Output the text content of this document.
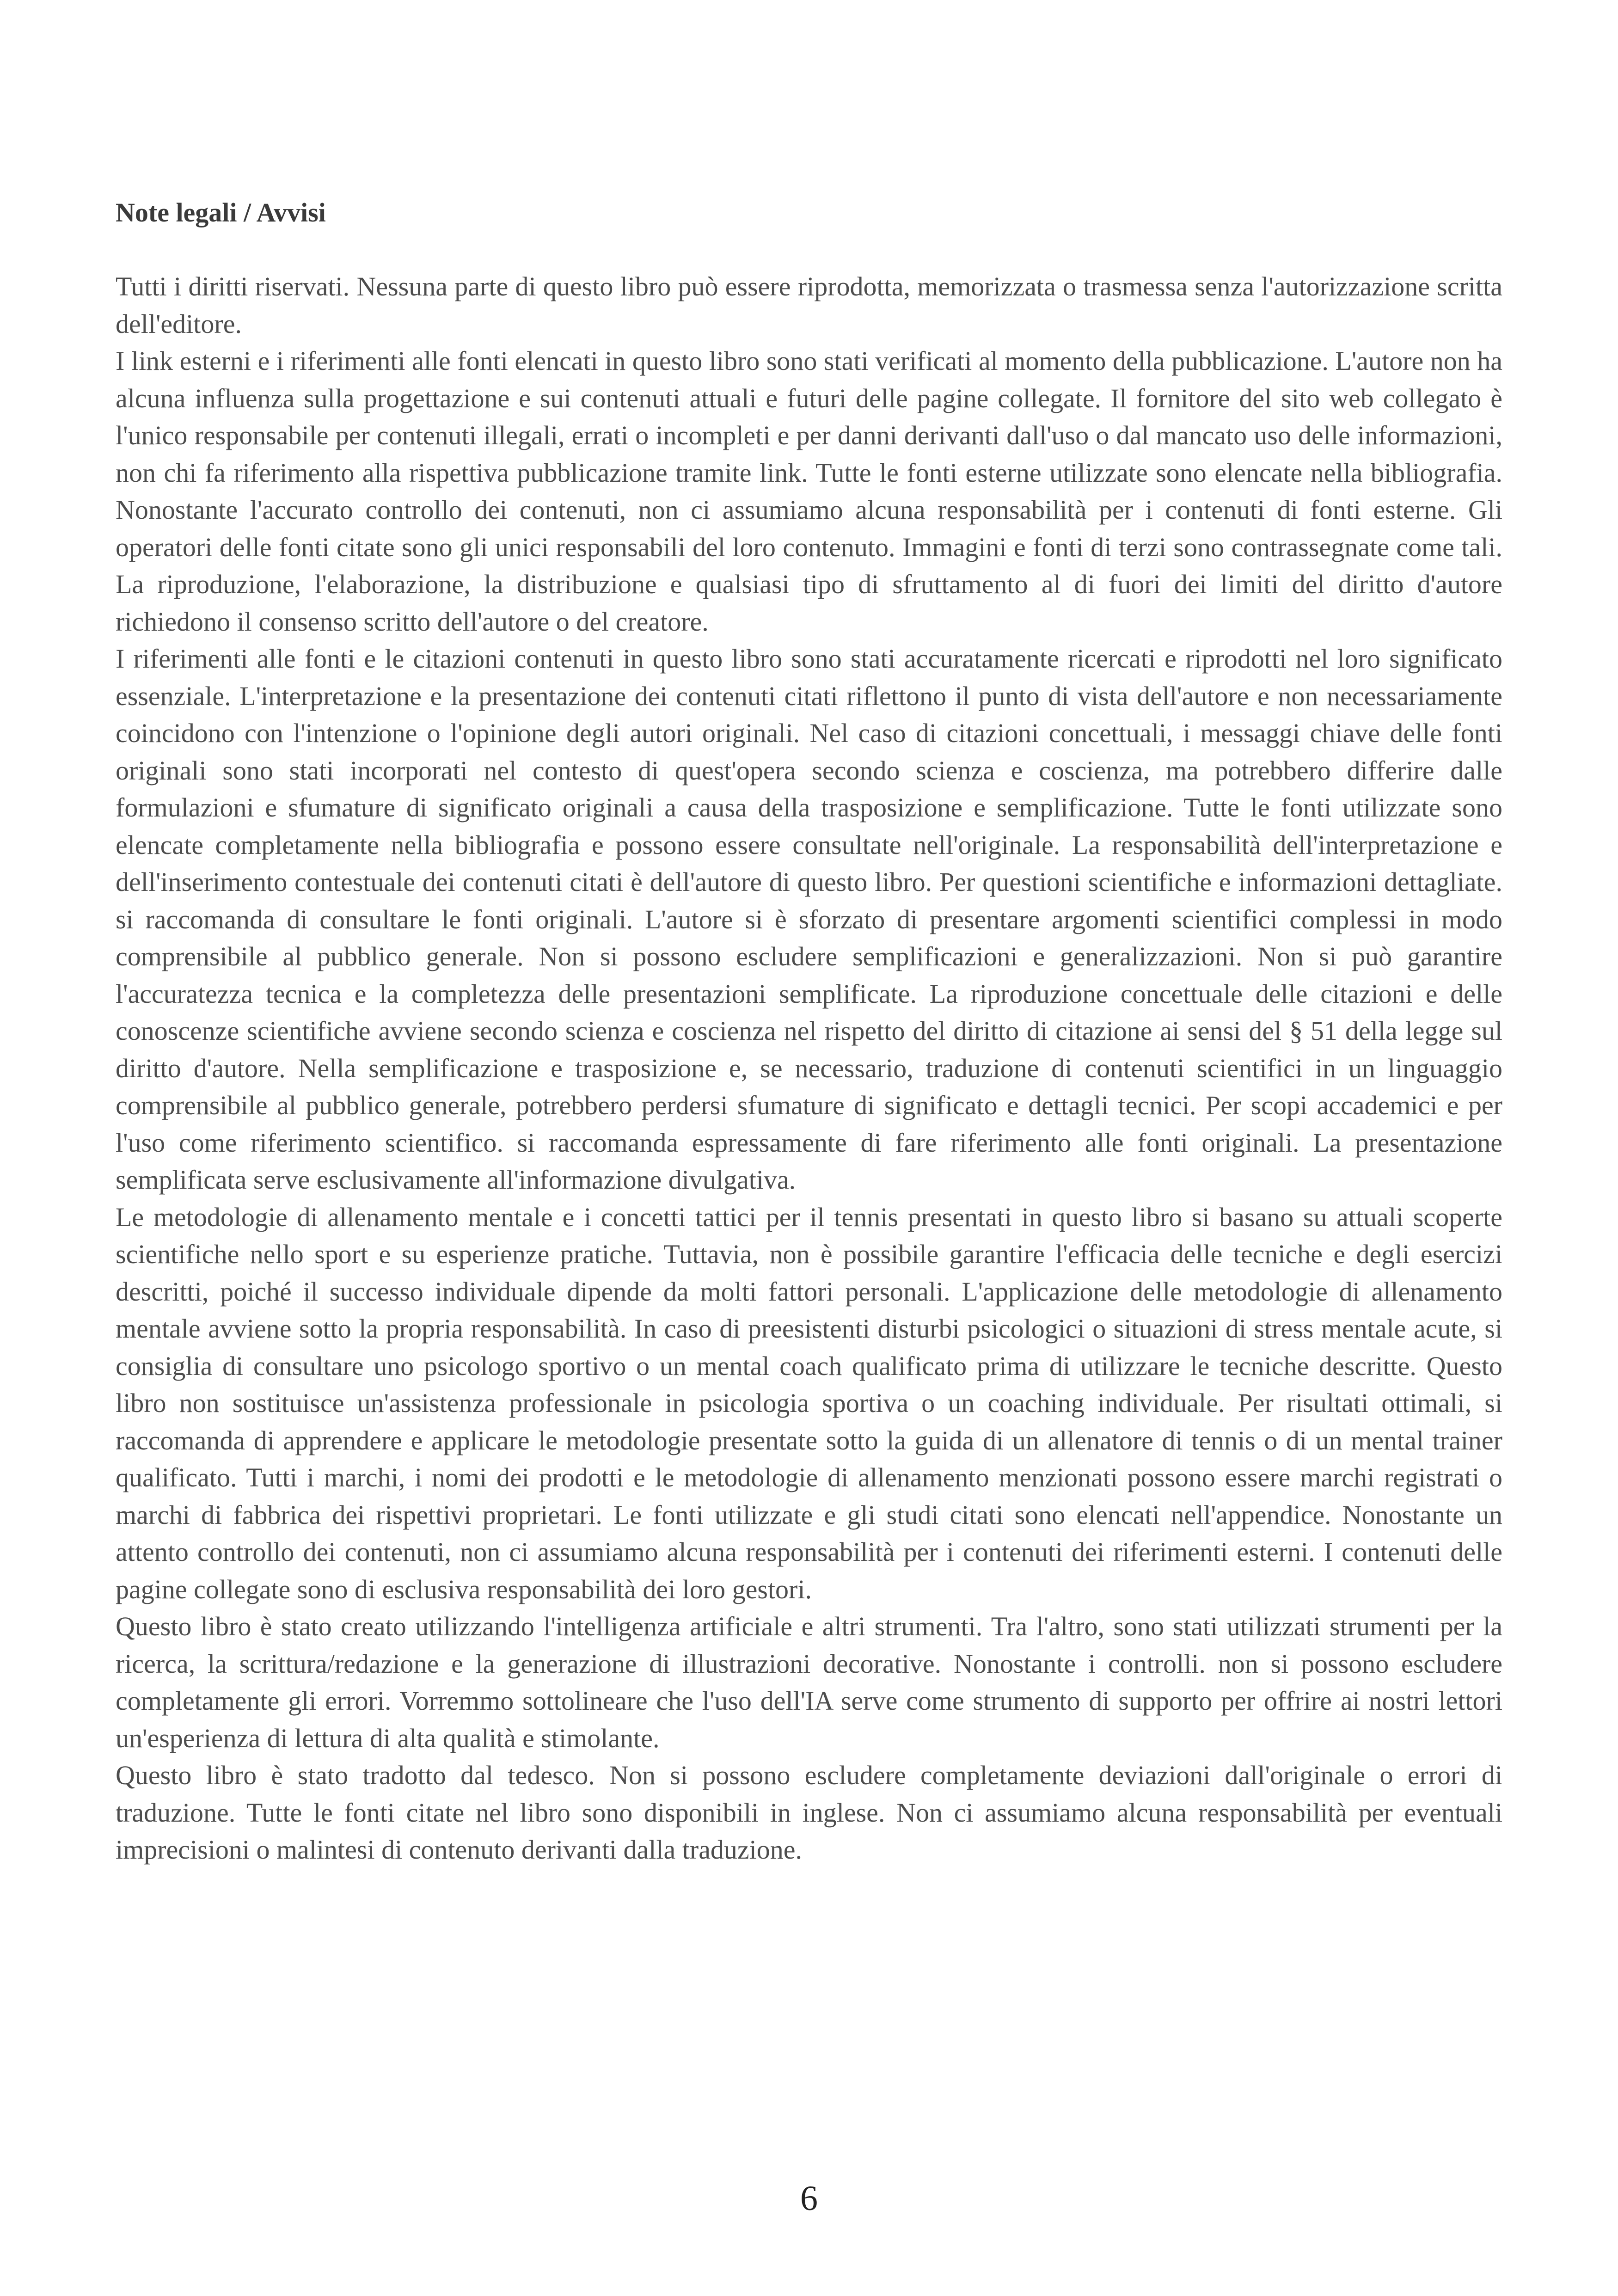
Note legali / Avvisi

Tutti i diritti riservati. Nessuna parte di questo libro può essere riprodotta, memorizzata o trasmessa senza l'autorizzazione scritta dell'editore.

I link esterni e i riferimenti alle fonti elencati in questo libro sono stati verificati al momento della pubblicazione. L'autore non ha alcuna influenza sulla progettazione e sui contenuti attuali e futuri delle pagine collegate. Il fornitore del sito web collegato è l'unico responsabile per contenuti illegali, errati o incompleti e per danni derivanti dall'uso o dal mancato uso delle informazioni, non chi fa riferimento alla rispettiva pubblicazione tramite link. Tutte le fonti esterne utilizzate sono elencate nella bibliografia. Nonostante l'accurato controllo dei contenuti, non ci assumiamo alcuna responsabilità per i contenuti di fonti esterne. Gli operatori delle fonti citate sono gli unici responsabili del loro contenuto. Immagini e fonti di terzi sono contrassegnate come tali. La riproduzione, l'elaborazione, la distribuzione e qualsiasi tipo di sfruttamento al di fuori dei limiti del diritto d'autore richiedono il consenso scritto dell'autore o del creatore.

I riferimenti alle fonti e le citazioni contenuti in questo libro sono stati accuratamente ricercati e riprodotti nel loro significato essenziale. L'interpretazione e la presentazione dei contenuti citati riflettono il punto di vista dell'autore e non necessariamente coincidono con l'intenzione o l'opinione degli autori originali. Nel caso di citazioni concettuali, i messaggi chiave delle fonti originali sono stati incorporati nel contesto di quest'opera secondo scienza e coscienza, ma potrebbero differire dalle formulazioni e sfumature di significato originali a causa della trasposizione e semplificazione. Tutte le fonti utilizzate sono elencate completamente nella bibliografia e possono essere consultate nell'originale. La responsabilità dell'interpretazione e dell'inserimento contestuale dei contenuti citati è dell'autore di questo libro. Per questioni scientifiche e informazioni dettagliate. si raccomanda di consultare le fonti originali. L'autore si è sforzato di presentare argomenti scientifici complessi in modo comprensibile al pubblico generale. Non si possono escludere semplificazioni e generalizzazioni. Non si può garantire l'accuratezza tecnica e la completezza delle presentazioni semplificate. La riproduzione concettuale delle citazioni e delle conoscenze scientifiche avviene secondo scienza e coscienza nel rispetto del diritto di citazione ai sensi del § 51 della legge sul diritto d'autore. Nella semplificazione e trasposizione e, se necessario, traduzione di contenuti scientifici in un linguaggio comprensibile al pubblico generale, potrebbero perdersi sfumature di significato e dettagli tecnici. Per scopi accademici e per l'uso come riferimento scientifico. si raccomanda espressamente di fare riferimento alle fonti originali. La presentazione semplificata serve esclusivamente all'informazione divulgativa.

Le metodologie di allenamento mentale e i concetti tattici per il tennis presentati in questo libro si basano su attuali scoperte scientifiche nello sport e su esperienze pratiche. Tuttavia, non è possibile garantire l'efficacia delle tecniche e degli esercizi descritti, poiché il successo individuale dipende da molti fattori personali. L'applicazione delle metodologie di allenamento mentale avviene sotto la propria responsabilità. In caso di preesistenti disturbi psicologici o situazioni di stress mentale acute, si consiglia di consultare uno psicologo sportivo o un mental coach qualificato prima di utilizzare le tecniche descritte. Questo libro non sostituisce un'assistenza professionale in psicologia sportiva o un coaching individuale. Per risultati ottimali, si raccomanda di apprendere e applicare le metodologie presentate sotto la guida di un allenatore di tennis o di un mental trainer qualificato. Tutti i marchi, i nomi dei prodotti e le metodologie di allenamento menzionati possono essere marchi registrati o marchi di fabbrica dei rispettivi proprietari. Le fonti utilizzate e gli studi citati sono elencati nell'appendice. Nonostante un attento controllo dei contenuti, non ci assumiamo alcuna responsabilità per i contenuti dei riferimenti esterni. I contenuti delle pagine collegate sono di esclusiva responsabilità dei loro gestori.

Questo libro è stato creato utilizzando l'intelligenza artificiale e altri strumenti. Tra l'altro, sono stati utilizzati strumenti per la ricerca, la scrittura/redazione e la generazione di illustrazioni decorative. Nonostante i controlli. non si possono escludere completamente gli errori. Vorremmo sottolineare che l'uso dell'IA serve come strumento di supporto per offrire ai nostri lettori un'esperienza di lettura di alta qualità e stimolante.

Questo libro è stato tradotto dal tedesco. Non si possono escludere completamente deviazioni dall'originale o errori di traduzione. Tutte le fonti citate nel libro sono disponibili in inglese. Non ci assumiamo alcuna responsabilità per eventuali imprecisioni o malintesi di contenuto derivanti dalla traduzione.

6
